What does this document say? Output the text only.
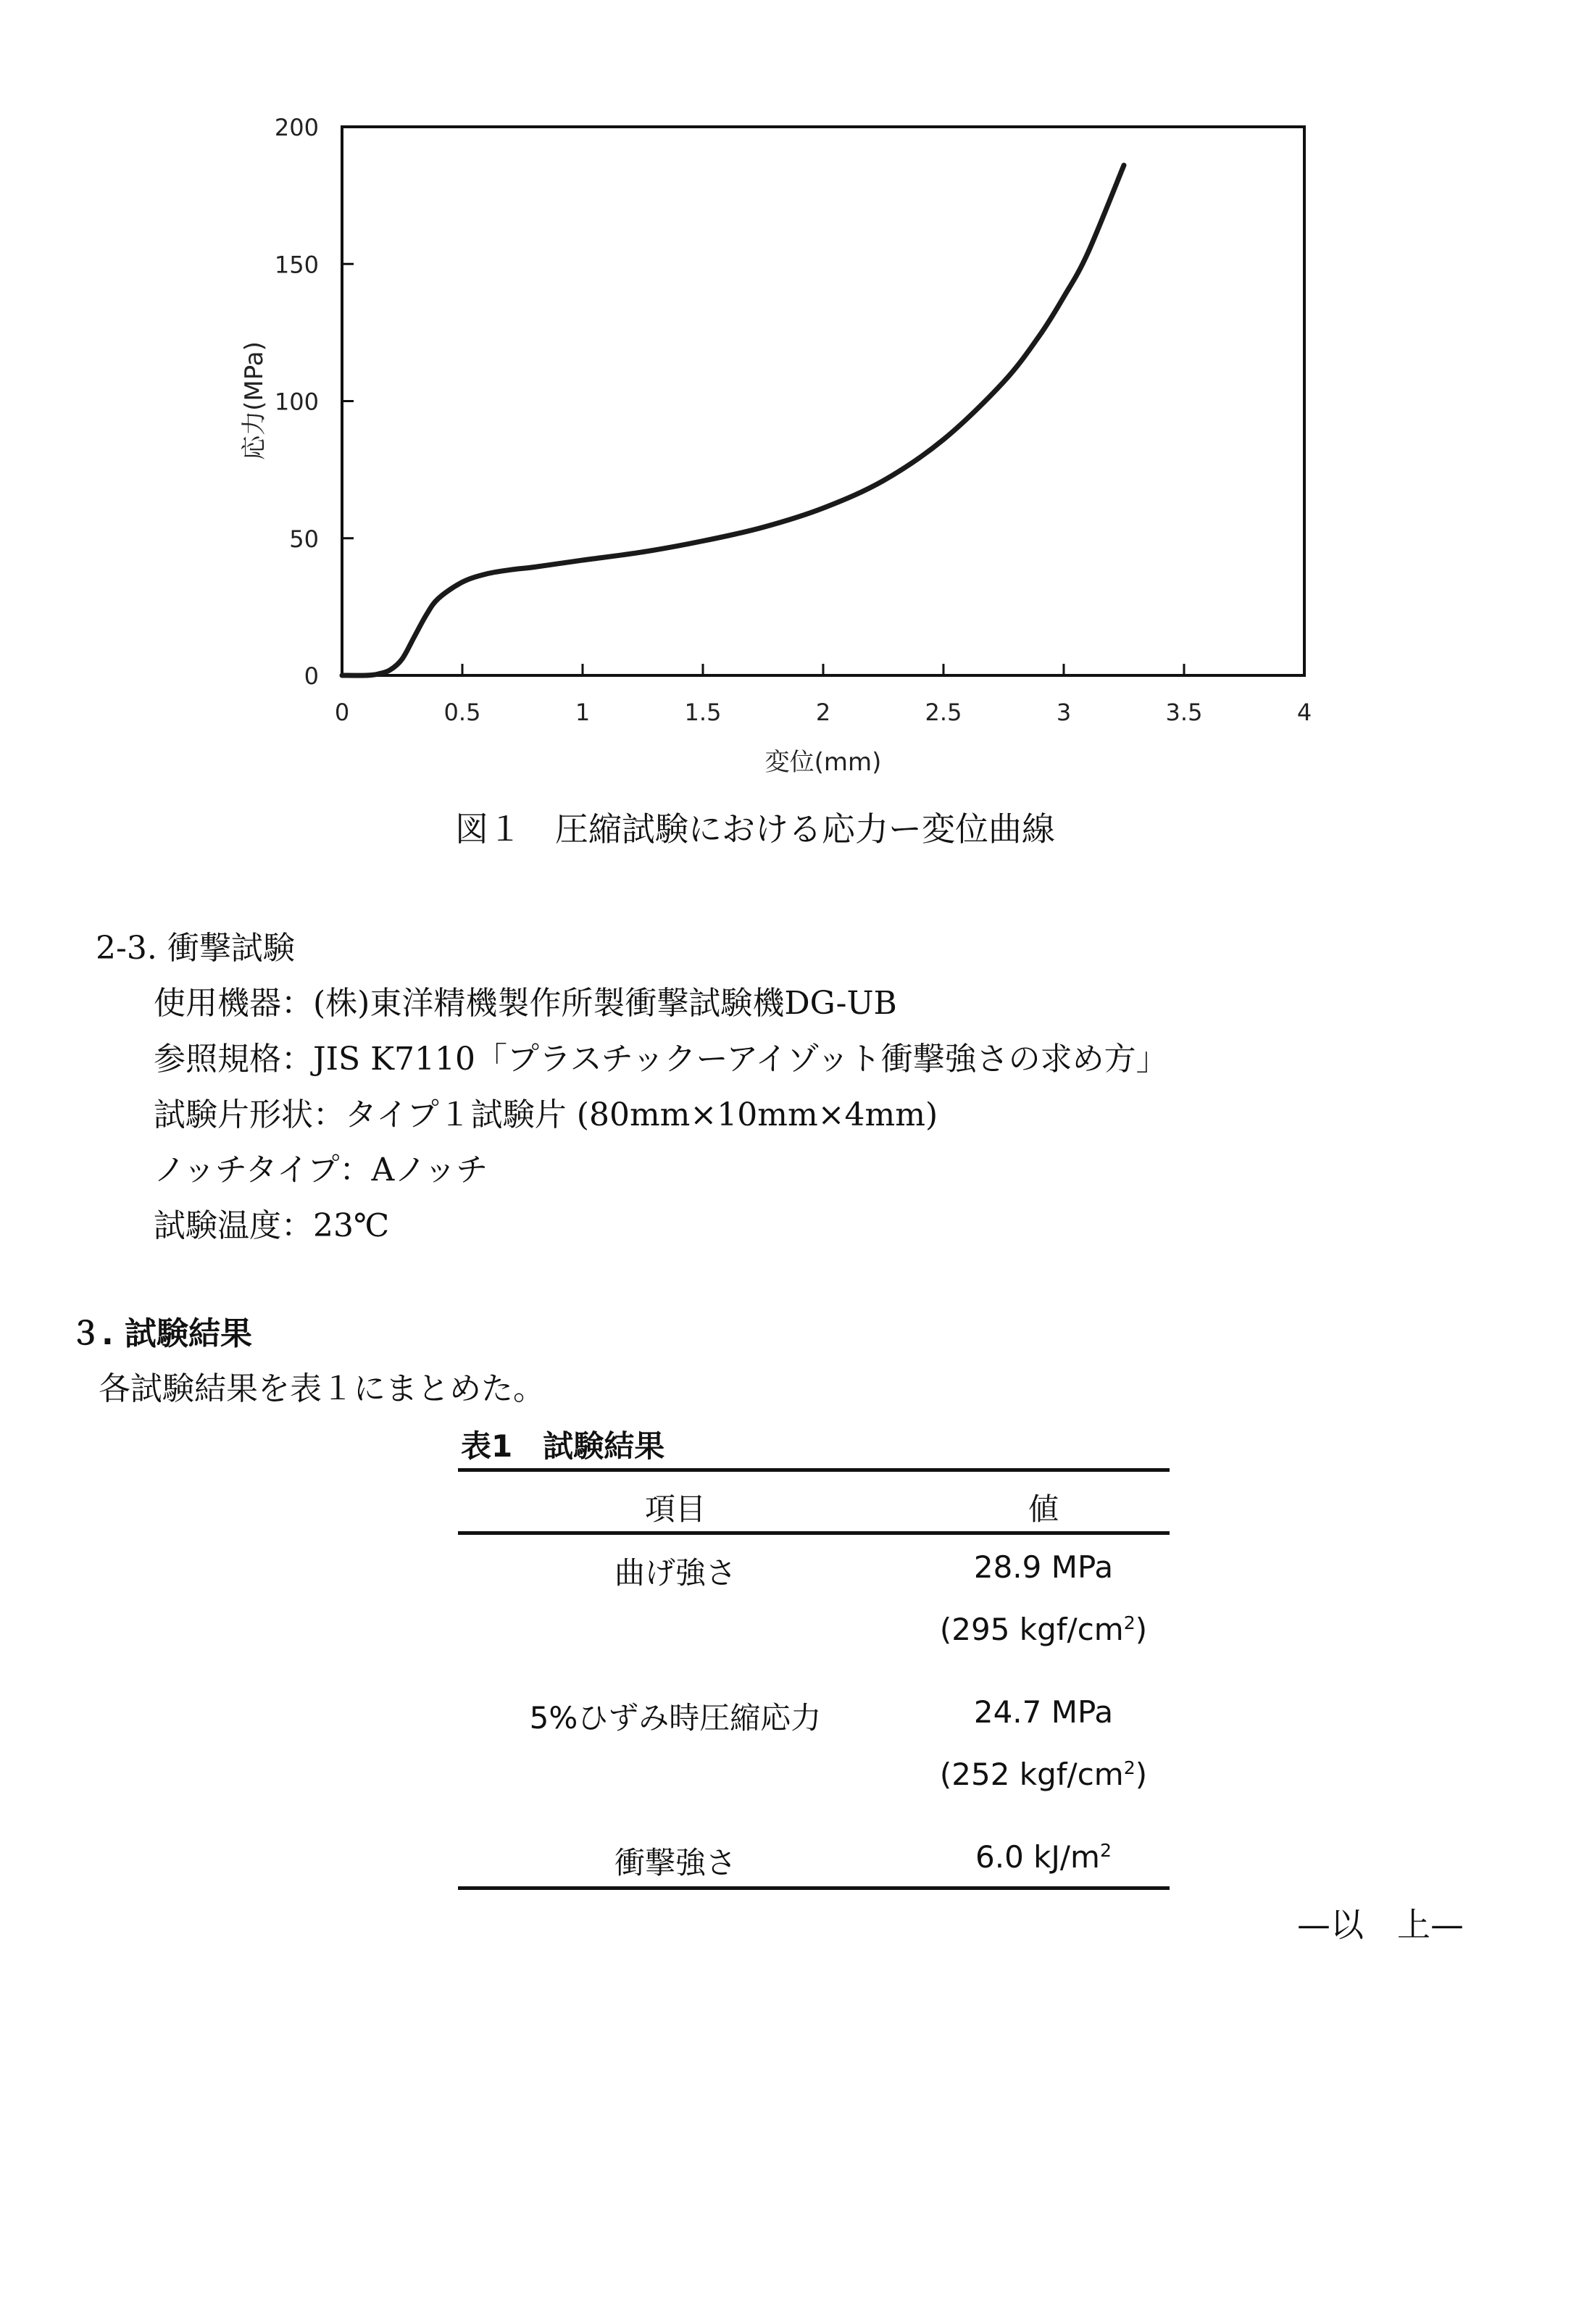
0	0.5	1	1.5	2	2.5	3	3.5	4
0
50
100
150
200
変位(mm)
応力(MPa)
図１　圧縮試験における応力ー変位曲線
2-3. 衝撃試験
使用機器：(株)東洋精機製作所製衝撃試験機DG-UB
参照規格：JIS K7110「プラスチックーアイゾット衝撃強さの求め方」
試験片形状：タイプ１試験片 (80mm×10mm×4mm)
ノッチタイプ：Aノッチ
試験温度：23℃
３. 試験結果
各試験結果を表１にまとめた。
表1　試験結果
項目	値
曲げ強さ	28.9 MPa
(295 kgf/$cm^2$)
5%ひずみ時圧縮応力	24.7 MPa
(252 kgf/$cm^2$)
衝撃強さ	6.0 $kJ/m^2$
—以　上—
